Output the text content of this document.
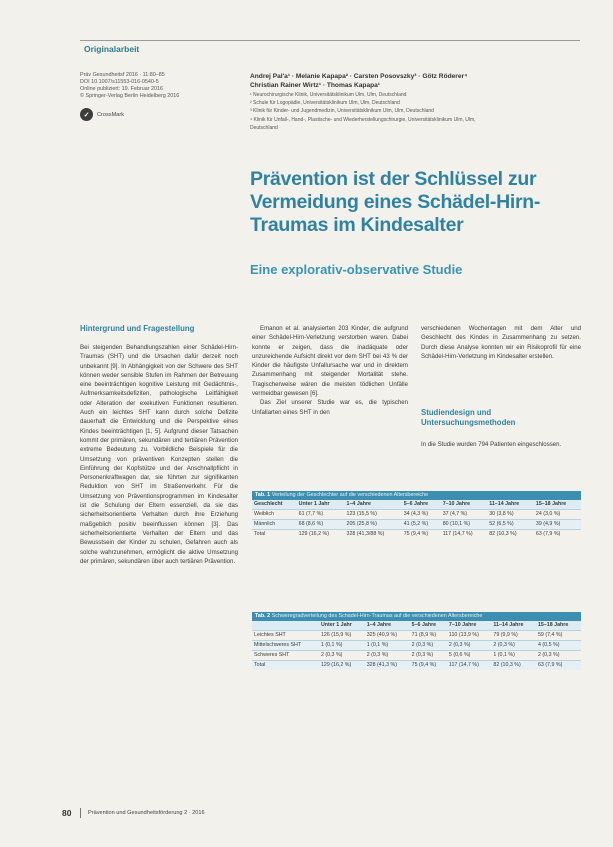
Originalarbeit
Präv Gesundheitsf 2016 · 11:80–85
DOI 10.1007/s11553-016-0540-5
Online publiziert: 19. Februar 2016
© Springer-Verlag Berlin Heidelberg 2016
✓	CrossMark
Andrej Pal'a¹ · Melanie Kapapa² · Carsten Posovszky³ · Götz Röderer⁴
Christian Rainer Wirtz¹ · Thomas Kapapa¹
¹ Neurochirurgische Klinik, Universitätsklinikum Ulm, Ulm, Deutschland
² Schule für Logopädie, Universitätsklinikum Ulm, Ulm, Deutschland
³ Klinik für Kinder- und Jugendmedizin, Universitätsklinikum Ulm, Ulm, Deutschland
⁴ Klinik für Unfall-, Hand-, Plastische- und Wiederherstellungschirurgie, Universitätsklinikum Ulm, Ulm,
Deutschland
Prävention ist der Schlüssel zur Vermeidung eines Schädel-Hirn-Traumas im Kindesalter
Eine explorativ-observative Studie
Hintergrund und Fragestellung
Bei steigenden Behandlungszahlen einer Schädel-Hirn-Traumas (SHT) und die Ursachen dafür derzeit noch unbekannt [9]. In Abhängigkeit von der Schwere des SHT können weder sensible Stufen im Rahmen der Betreuung eine beeinträchtigen kognitive Leistung mit Gedächtnis-, Aufmerksamkeitsdefiziten, pathologische Leitfähigkeit oder Alteration der exekutiven Funktionen resultieren. Auch ein leichtes SHT kann durch solche Defizite dauerhaft die Entwicklung und die Perspektive eines Kindes beeinträchtigen [1, 5]. Aufgrund dieser Tatsachen kommt der primären, sekundären und tertiären Prävention extreme Bedeutung zu. Vorbildliche Beispiele für die Umsetzung von präventiven Konzepten stellen die Einführung der Kopfstütze und der Anschnallpflicht in Personenkraftwagen dar, sie führten zur signifikanten Reduktion von SHT im Straßenverkehr. Für die Umsetzung von Präventionsprogrammen im Kindesalter ist die Schulung der Eltern essenziell, da sie das sicherheitsorientierte Verhalten durch ihre Erziehung maßgeblich positiv beeinflussen können [3]. Das sicherheitsorientierte Verhalten der Eltern und das Bewusstsein der Kinder zu schulen, Gefahren auch als solche wahrzunehmen, ermöglicht die aktive Umsetzung der primären, sekundären über auch tertiären Prävention.
Emanon et al. analysierten 203 Kinder, die aufgrund einer Schädel-Hirn-Verletzung verstorben waren. Dabei konnte er zeigen, dass die inadäquate oder unzureichende Aufsicht direkt vor dem SHT bei 43 % der Kinder die häufigste Unfallursache war und in direktem Zusammenhang mit steigender Mortalität stehe. Tragischerweise wären die meisten tödlichen Unfälle vermeidbar gewesen [6].
Das Ziel unserer Studie war es, die typischen Unfallarten eines SHT in den
verschiedenen Wochentagen mit dem Alter und Geschlecht des Kindes in Zusammenhang zu setzen. Durch diese Analyse konnten wir ein Risikoprofil für eine Schädel-Hirn-Verletzung im Kindesalter erstellen.
Studiendesign und Untersuchungsmethoden
In die Studie wurden 794 Patienten eingeschlossen.
Tab. 1 Verteilung der Geschlechter auf die verschiedenen Altersbereiche
Geschlecht	Unter 1 Jahr	1–4 Jahre	5–6 Jahre	7–10 Jahre	11–14 Jahre	15–18 Jahre
Weiblich	61 (7,7 %)	123 (15,5 %)	34 (4,3 %)	37 (4,7 %)	30 (3,8 %)	24 (3,0 %)
Männlich	68 (8,6 %)	205 (25,8 %)	41 (5,2 %)	80 (10,1 %)	52 (6,5 %)	39 (4,9 %)
Total	129 (16,2 %)	328 (41,3/88 %)	75 (9,4 %)	117 (14,7 %)	82 (10,3 %)	63 (7,9 %)
Tab. 2 Schweregradverteilung des Schädel-Hirn-Traumas auf die verschiedenen Altersbereiche
	Unter 1 Jahr	1–4 Jahre	5–6 Jahre	7–10 Jahre	11–14 Jahre	15–18 Jahre
Leichtes SHT	126 (15,9 %)	325 (40,9 %)	71 (8,9 %)	110 (13,9 %)	79 (9,9 %)	59 (7,4 %)
Mittelschweres SHT	1 (0,1 %)	1 (0,1 %)	2 (0,3 %)	2 (0,3 %)	2 (0,3 %)	4 (0,5 %)
Schweres SHT	2 (0,3 %)	2 (0,3 %)	2 (0,3 %)	5 (0,6 %)	1 (0,1 %)	2 (0,3 %)
Total	129 (16,2 %)	328 (41,3 %)	75 (9,4 %)	117 (14,7 %)	82 (10,3 %)	63 (7,9 %)
80	Prävention und Gesundheitsförderung 2 · 2016
